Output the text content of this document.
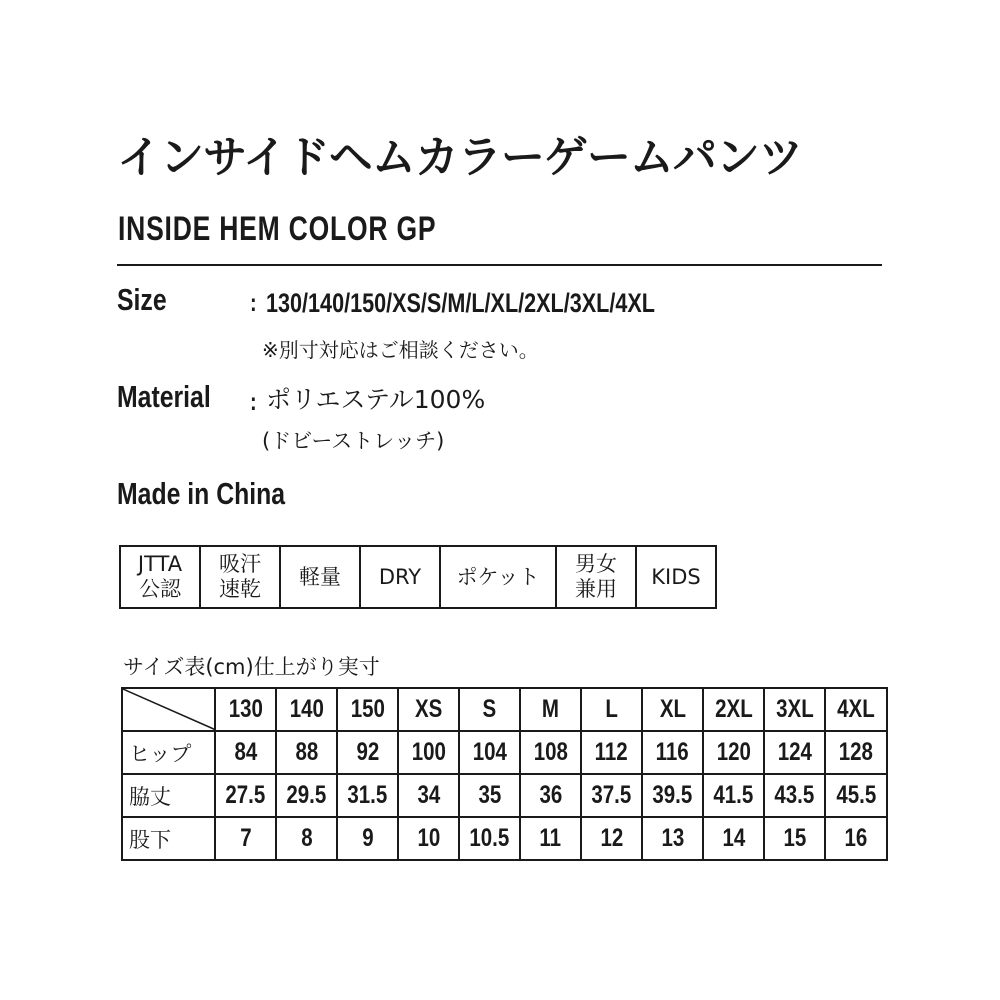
インサイドヘムカラーゲームパンツ
INSIDE HEM COLOR GP
Size	: 130/140/150/XS/S/M/L/XL/2XL/3XL/4XL
※別寸対応はご相談ください。
Material : ポリエステル100%
(ドビーストレッチ)
Made in China
JTTA
公認
吸汗
速乾
軽量	DRY	ポケット
男女
兼用
KIDS
サイズ表(cm)仕上がり実寸
	130	140	150	XS	S	M	L	XL	2XL	3XL	4XL
ヒップ	84	88	92	100	104	108	112	116	120	124	128
脇丈	27.5	29.5	31.5	34	35	36	37.5	39.5	41.5	43.5	45.5
股下	7	8	9	10	10.5	11	12	13	14	15	16
